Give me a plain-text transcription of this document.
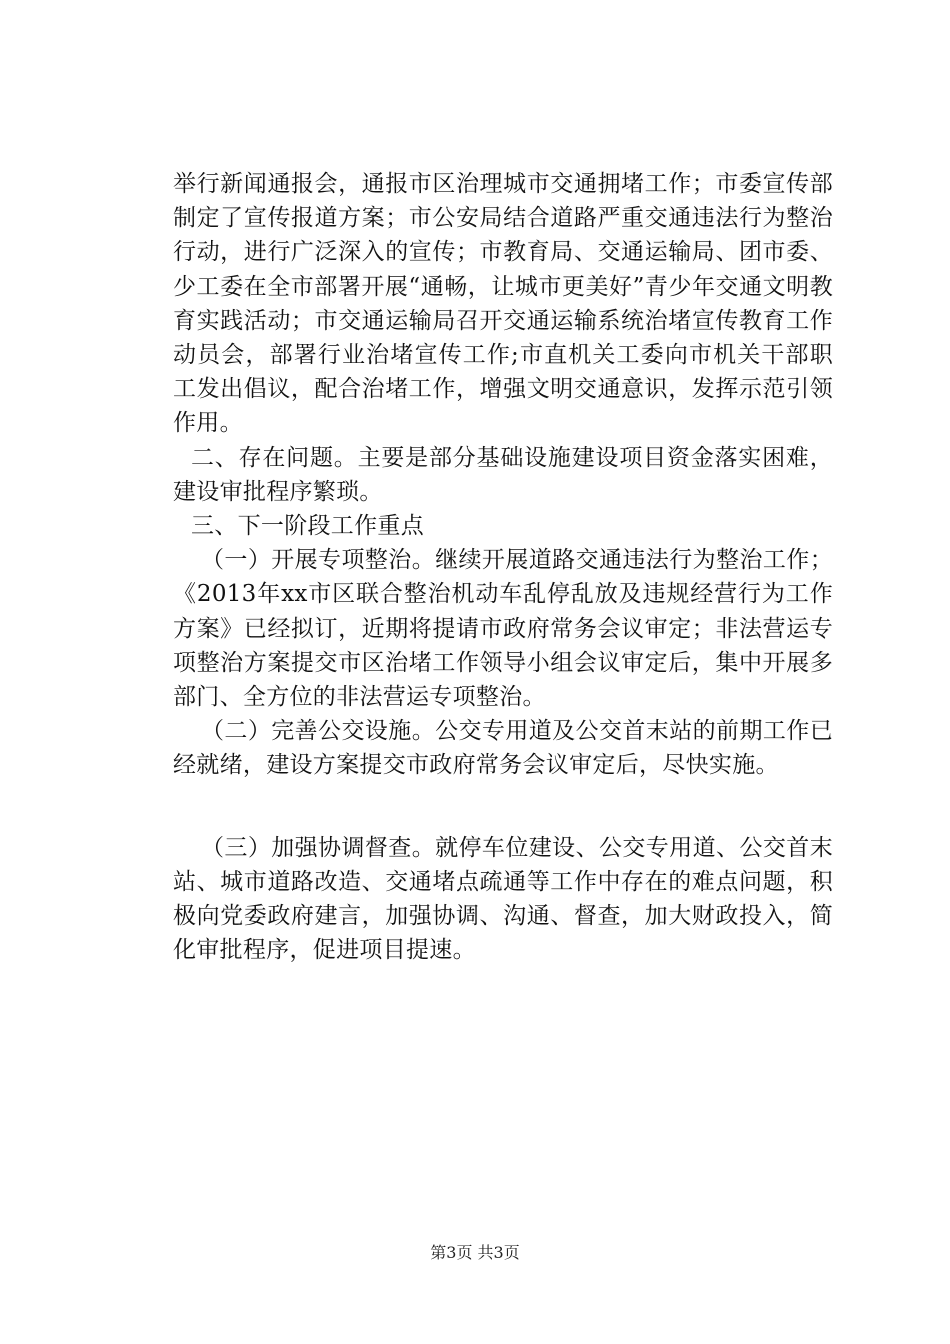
举行新闻通报会，通报市区治理城市交通拥堵工作；市委宣传部制定了宣传报道方案；市公安局结合道路严重交通违法行为整治行动，进行广泛深入的宣传；市教育局、交通运输局、团市委、少工委在全市部署开展“通畅，让城市更美好”青少年交通文明教育实践活动；市交通运输局召开交通运输系统治堵宣传教育工作动员会，部署行业治堵宣传工作;市直机关工委向市机关干部职工发出倡议，配合治堵工作，增强文明交通意识，发挥示范引领作用。

二、存在问题。主要是部分基础设施建设项目资金落实困难，建设审批程序繁琐。

三、下一阶段工作重点

（一）开展专项整治。继续开展道路交通违法行为整治工作；《2013年xx市区联合整治机动车乱停乱放及违规经营行为工作方案》已经拟订，近期将提请市政府常务会议审定；非法营运专项整治方案提交市区治堵工作领导小组会议审定后，集中开展多部门、全方位的非法营运专项整治。

（二）完善公交设施。公交专用道及公交首末站的前期工作已经就绪，建设方案提交市政府常务会议审定后，尽快实施。

（三）加强协调督查。就停车位建设、公交专用道、公交首末站、城市道路改造、交通堵点疏通等工作中存在的难点问题，积极向党委政府建言，加强协调、沟通、督查，加大财政投入，简化审批程序，促进项目提速。

第3页 共3页
